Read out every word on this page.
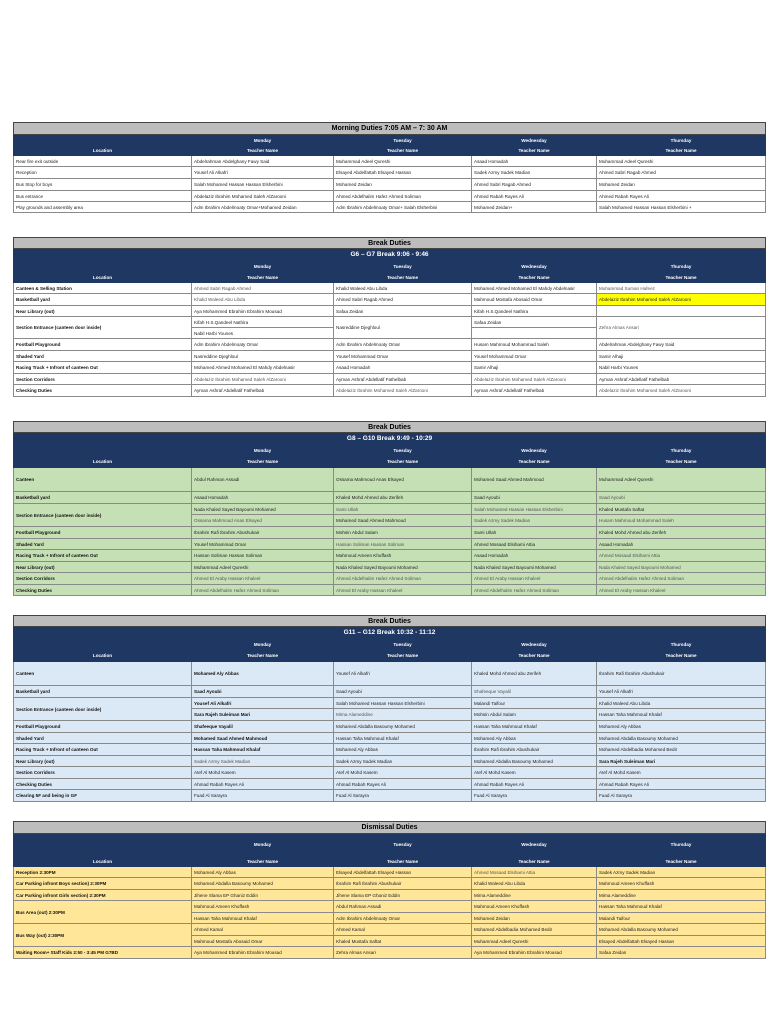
Morning Duties 7:05 AM – 7: 30 AM				
	Monday	Tuesday	Wednesday	Thursday
Location	Teacher Name	Teacher Name	Teacher Name	Teacher Name
Rear fire exit outside	Abdelrahman Abdelghany Fawy Said	Muhammad Adeel Qureshi	Asaad Homadah	Muhammad Adeel Qureshi
Reception	Yousef Ali Alkafri	Elsayed Abdelfattah Elsayed Hassan	Sadek Azmy Sadek Madian	Ahmed Sabri Ragab Ahmed
Bus Stop for boys	Salah Mohamed Hassan Hassan Elsherbini	Mohamed Zeidan	Ahmed Sabri Ragab Ahmed	Mohamed Zeidan
Bus entrance	Abdelaziz Ibrahim Mohamed Saleh AlZarooni	Ahmed Abdelhalim Hafez Ahmed Soliman	Ahmed Rabah Rayes Ali	Ahmed Rabah Rayes Ali
Play grounds and assembly area	Adm Ibrahim Abdelmoaty Omar+Mohamed Zeidan	Adm Ibrahim Abdelmoaty Omar+ Salah Elsherbini	Mohamed Zeidan+	Salah Mohamed Hassan Hassan Elsherbini +
Break Duties				
G6 – G7 Break 9:06 - 9:46				
	Monday	Tuesday	Wednesday	Thursday
Location	Teacher Name	Teacher Name	Teacher Name	Teacher Name
Canteen & Selling Station	Ahmed Sabri Ragab Ahmed	Khalid Waleed Abu Libda	Mohamed Ahmed Mohamed El Mahdy Abdelnasir	Muhammad Suman Hafeez
Basketball yard	Khalid Waleed Abu Libda	Ahmed Sabri Ragab Ahmed	Mahmoud Mostafa Abosaid Omar	Abdelaziz Ibrahim Mohamed Saleh AlZarooni
Near Library (out)	Aya Mohammed Ebrahim Ebrahim Mousad	Safaa Zeidan	Kifah H.S.Qandeel Nathira	
Section Entrance (canteen door inside)	Kifah H.S.Qandeel Nathira	Nasreddine Djeghloul	Safaa Zeidan	Zehra Almas Ansari
	Nabil Harbi Younes			
Football Playground	Adm Ibrahim Abdelmoaty Omar	Adm Ibrahim Abdelmoaty Omar	Husam Mahmoud Mohammad Saleh	Abdelrahman Abdelghany Fawy Said
Shaded Yard	Nasreddine Djeghloul	Yousef Mohammad Omar	Yousef Mohammad Omar	Samir Alhaji
Racing Track + Infront of canteen Out	Mohamed Ahmed Mohamed El Mahdy Abdelnasir	Asaad Homadah	Samir Alhaji	Nabil Harbi Younes
Section Corridors	Abdelaziz Ibrahim Mohamed Saleh AlZarooni	Ayman Ashraf Abdellatif Fathelbab	Abdelaziz Ibrahim Mohamed Saleh AlZarooni	Ayman Ashraf Abdellatif Fathelbab
Checking Duties	Ayman Ashraf Abdellatif Fathelbab	Abdelaziz Ibrahim Mohamed Saleh AlZarooni	Ayman Ashraf Abdellatif Fathelbab	Abdelaziz Ibrahim Mohamed Saleh AlZarooni
Break Duties				
G8 – G10 Break 9:49 - 10:29				
	Monday	Tuesday	Wednesday	Thursday
Location	Teacher Name	Teacher Name	Teacher Name	Teacher Name
Canteen	Abdul Rahman Assadi	Ossama Mahmoud Anas Elsayed	Mohamed Saad Ahmed Mahmoud	Muhammad Adeel Qureshi
Basketball yard	Asaad Homadah	Khaled Mohd Ahmed abu Zerifeh	Saad Ayoubi	Saad Ayoubi
Section Entrance (canteen door inside)	Nada Khaled Sayed Bayoumi Mohamed	Sami Ullah	Salah Mohamed Hassan Hassan Elsherbini	Khaled Mustafa Saftat
	Ossama Mahmoud Anas Elsayed	Mohamed Saad Ahmed Mahmoud	Sadek Azmy Sadek Madian	Husam Mahmoud Mohammad Saleh
Football Playground	Ibrahim Rafi Ibrahim Abushukair	Mohsin Abdul Salam	Sami Ullah	Khaled Mohd Ahmed abu Zerifeh
Shaded Yard	Yousef Mohammad Omar	Hassan Soliman Hassan Soliman	Ahmed Mosaad Elsihami Attia	Asaad Homadah
Racing Track + Infront of canteen Out	Hassan Soliman Hassan Soliman	Mahmoud Ameen Khuffash	Asaad Homadah	Ahmed Mosaad Elsihami Attia
Near Library (out)	Muhammad Adeel Qureshi	Nada Khaled Sayed Bayoumi Mohamed	Nada Khaled Sayed Bayoumi Mohamed	Nada Khaled Sayed Bayoumi Mohamed
Section Corridors	Ahmed El Araby Hassan Khaleel	Ahmed Abdelhalim Hafez Ahmed Soliman	Ahmed El Araby Hassan Khaleel	Ahmed Abdelhalim Hafez Ahmed Soliman
Checking Duties	Ahmed Abdelhalim Hafez Ahmed Soliman	Ahmed El Araby Hassan Khaleel	Ahmed Abdelhalim Hafez Ahmed Soliman	Ahmed El Araby Hassan Khaleel
Break Duties				
G11 – G12 Break 10:32 - 11:12				
	Monday	Tuesday	Wednesday	Thursday
Location	Teacher Name	Teacher Name	Teacher Name	Teacher Name
Canteen	Mohamed Aly Abbas	Yousef Ali Alkafri	Khaled Mohd Ahmed abu Zerifeh	Ibrahim Rafi Ibrahim Abushukair
Basketball yard	Saad Ayoubi	Saad Ayoubi	Shafeeque Vayalil	Yousef Ali Alkafri
Section Entrance (canteen door inside)	Yousef Ali Alkafri	Salah Mohamed Hassan Hassan Elsherbini	Malandi Taifour	Khalid Waleed Abu Libda
	Sara Rajeh Suleiman Mari	Mirna Alameddine	Mohsin Abdul Salam	Hassan Taha Mahmoud Khalaf
Football Playground	Shafeeque Vayalil	Mohamed Abdalla Basoumy Mohamed	Hassan Taha Mahmoud Khalaf	Mohamed Aly Abbas
Shaded Yard	Mohamed Saad Ahmed Mahmoud	Hassan Taha Mahmoud Khalaf	Mohamed Aly Abbas	Mohamed Abdalla Basoumy Mohamed
Racing Track + Infront of canteen Out	Hassan Taha Mahmoud Khalaf	Mohamed Aly Abbas	Ibrahim Rafi Ibrahim Abushukair	Mohamed Abdelbadia Mohamed Bedir
Near Library (out)	Sadek Azmy Sadek Madian	Sadek Azmy Sadek Madian	Mohamed Abdalla Basoumy Mohamed	Sara Rajeh Suleiman Mari
Section Corridors	Atef Al Mohd Kasem	Atef Al Mohd Kasem	Atef Al Mohd Kasem	Atef Al Mohd Kasem
Checking Duties	Ahmad Rabah Rayes Ali	Ahmad Rabah Rayes Ali	Ahmad Rabah Rayes Ali	Ahmad Rabah Rayes Ali
Clearing 5F and being in GF	Fuad Al Sarayra	Fuad Al Sarayra	Fuad Al Sarayra	Fuad Al Sarayra
Dismissal Duties				
	Monday	Tuesday	Wednesday	Thursday
Location	Teacher Name	Teacher Name	Teacher Name	Teacher Name
Reception 2:30PM	Mohamed Aly Abbas	Elsayed Abdelfattah Elsayed Hassan	Ahmed Mosaad Elsihami Attia	Sadek Azmy Sadek Madian
Car Parking infront Boys section) 2:30PM	Mohamed Abdalla Basoumy Mohamed	Ibrahim Rafi Ibrahim Abushukair	Khalid Waleed Abu Libda	Mahmoud Ameen Khuffash
Car Parking infront Girls section) 2:30PM	Jihene Slama EP Ghaniz Eddin	Jihene Slama EP Ghaniz Eddin	Mirna Alameddine	Mirna Alameddine
Bus Area (out) 2:30PM	Mahmoud Ameen Khuffash	Abdul Rahman Assadi	Mahmoud Ameen Khuffash	Hassan Taha Mahmoud Khalaf
	Hassan Taha Mahmoud Khalaf	Adm Ibrahim Abdelmoaty Omar	Mohamed Zeidan	Malandi Taifour
Bus Way (out) 2:30PM	Ahmed Kamal	Ahmed Kamal	Mohamed Abdelbadia Mohamed Bedir	Mohamed Abdalla Basoumy Mohamed
	Mahmoud Mostafa Abosaid Omar	Khaled Mustafa Saftat	Muhammad Adeel Qureshi	Elsayed Abdelfattah Elsayed Hassan
Waiting Room+ Staff Kids 2:50 - 3:45 PM G7BD	Aya Mohammed Ebrahim Ebrahim Mousad	Zehra Almas Ansari	Aya Mohammed Ebrahim Ebrahim Mousad	Safaa Zeidan
